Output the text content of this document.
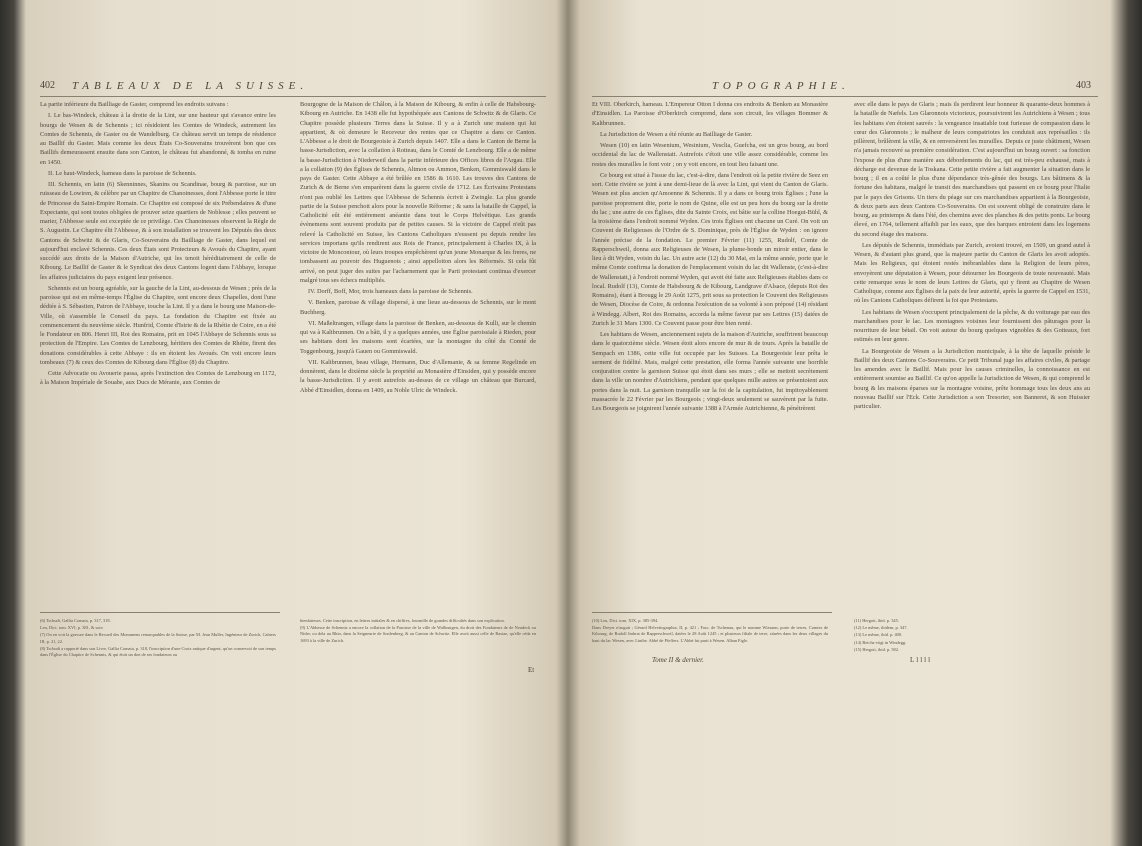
402 TABLEAUX DE LA SUISSE.

La partie inférieure du Bailliage de Gaster, comprend les endroits suivans :

I. Le bas-Windeck, château à la droite de la Lint, sur une hauteur qui s'avance entre les bourgs de Wesen & de Schennis ; ici résidoient les Comtes de Windeck, autrement les Comtes de Schennis, de Gaster ou de Wandelburg. Ce château servit un temps de résidence au Baillif du Gaster. Mais comme les deux États Co-Souverains trouvèrent bon que ces Baillifs demeurassent ensuite dans son Canton, le château fut abandonné, & tomba en ruine en 1450.

II. Le haut-Windeck, hameau dans la paroisse de Schennis.

III. Schennis, en latin (6) Skenninnes, Skanins ou Scandinae, bourg & paroisse, sur un ruisseau de Lowiren, & célèbre par un Chapitre de Chanoinesses, dont l'Abbesse porte le titre de Princesse du Saint-Empire Romain. Ce Chapitre est composé de six Prébendaires & d'une Expectante, qui sont toutes obligées de prouver seize quartiers de Noblesse ; elles peuvent se marier, l'Abbesse seule est exceptée de ce privilège. Ces Chanoinesses observent la Règle de S. Augustin. Le Chapitre élit l'Abbesse, & à son installation se trouvent les Députés des deux Cantons de Schwitz & de Glaris, Co-Souverains du Bailliage de Gaster, dans lequel est aujourd'hui enclavé Schennis. Ces deux États sont Protecteurs & Avoués du Chapitre, ayant succédé aux droits de la Maison d'Autriche, qui les tenoit héréditairement de celle de Kibourg. Le Baillif de Gaster & le Syndicat des deux Cantons logent dans l'Abbaye, lorsque les affaires judiciaires du pays exigent leur présence.

Schennis est un bourg agréable, sur la gauche de la Lint, au-dessous de Wesen ; près de la paroisse qui est en même-temps l'Église du Chapitre, sont encore deux Chapelles, dont l'une dédiée à S. Sébastien, Patron de l'Abbaye, touche la Lint. Il y a dans le bourg une Maison-de-Ville, où s'assemble le Conseil du pays. La fondation du Chapitre est fixée au commencement du neuvième siècle. Hunfrid, Comte d'Istrie & de la Rhétie de Coire, en a été le Fondateur en 806. Henri III, Roi des Romains, prit en 1045 l'Abbaye de Schennis sous sa protection de l'Empire. Les Comtes de Lenzbourg, héritiers des Comtes de Rhétie, firent des donations considérables à cette Abbaye : ils en étoient les Avoués. On voit encore leurs tombeaux (7) & ceux des Comtes de Kibourg dans l'Église (8) du Chapitre.

Cette Advocatie ou Avouerie passa, après l'extinction des Comtes de Lenzbourg en 1172, à la Maison Impériale de Souabe, aux Ducs de Méranie, aux Comtes de

Bourgogne de la Maison de Châlon, à la Maison de Kibourg, & enfin à celle de Habsbourg-Kibourg en Autriche. En 1438 elle fut hypothéquée aux Cantons de Schwitz & de Glaris. Ce Chapitre possède plusieurs Terres dans la Suisse. Il y a à Zurich une maison qui lui appartient, & où demeure le Receveur des rentes que ce Chapitre a dans ce Canton. L'Abbesse a le droit de Bourgeoisie à Zurich depuis 1407. Elle a dans le Canton de Berne la basse-Jurisdiction, avec la collation à Rotteau, dans le Comté de Lenzbourg. Elle a de même la basse-Jurisdiction à Niederweil dans la partie inférieure des Offices libres de l'Argau. Elle a la collation (9) des Églises de Schennis, Altmon ou Ammon, Benken, Gommiswald dans le pays de Gaster. Cette Abbaye a été brûlée en 1586 & 1610. Les trouves des Cantons de Zurich & de Berne s'en emparèrent dans la guerre civile de 1712. Les Écrivains Protestans n'ont pas oublié les Lettres que l'Abbesse de Schennis écrivit à Zwingle. La plus grande partie de la Suisse penchoit alors pour la nouvelle Réforme ; & sans la bataille de Cappel, la Catholicité eût été entièrement anéantie dans tout le Corps Helvétique. Les grands évènemens sont souvent produits par de petites causes. Si la victoire de Cappel n'eût pas relevé la Catholicité en Suisse, les Cantons Catholiques n'eussent pu depuis rendre les services importans qu'ils rendirent aux Rois de France, principalement à Charles IX, à la victoire de Moncontour, où leurs troupes empêchèrent qu'un jeune Monarque & les freres, ne tombassent au pouvoir des Huguenots ; ainsi appelloiton alors les Réformés. Si cela fût arrivé, on peut juger des suites par l'acharnement que le Parti protestant continua d'exercer malgré tous ses échecs multipliés.

IV. Dorff, Boff, Mor, trois hameaux dans la paroisse de Schennis.

V. Benken, paroisse & village dispersé, à une lieue au-dessous de Schennis, sur le mont Buchberg.

VI. Maßeltrangen, village dans la paroisse de Benken, au-dessous de Kulli, sur le chemin qui va à Kaltbrunnen. On a bâti, il y a quelques années, une Église paroissiale à Rieden, pour ses habitans dont les maisons sont écartées, sur la montagne du côté du Comté de Toggenbourg, jusqu'à Gauen ou Gommiswald.

VII. Kaltbrunnen, beau village, Hermann, Duc d'Allemanie, & sa femme Regelinde en donnèrent, dans le dixième siècle la propriété au Monastère d'Einsiden, qui y possède encore la basse-Jurisdiction. Il y avoit autrefois au-dessus de ce village un château que Burcard, Abbé d'Einsidlen, donna en 1409, au Noble Ulric de Windeck.

(6) Tschudi, Gallia Comata, p. 317, 318.

Leu, Dict. tom. XVI, p. 381, & suiv.

(7) On en voit la gravure dans le Recueil des Monumens remarquables de la Suisse, par M. Jean Muller, Ingénieur de Zurich, Cahiers III, p. 21, 22.

(8) Tschudi a rapporté dans son Livre, Gallia Comata, p. 318, l'inscription d'une Croix antique d'argent, qu'on conservoit de son temps dans l'Église du Chapitre de Schennis, & qui étoit un don de ses fondateurs ou

bienfaiteurs. Cette inscription, en lettres initiales & en chiffres, fourmille de grandes difficultés dans son explication.

(9) L'Abbesse de Schennis a encore la collation de la Paroisse de la ville de Wallinstgen, du droit des Fondateurs de de Neudeck ou Nider, ou dela au Rhin, dans la Seigneurie de Sonlenberg, & au Canton de Schwitz. Elle avoit aussi celle de Rastaz, qu'elle céda en 1693 à la ville de Zurich.

Et
TOPOGRAPHIE.	403

Et VIII. Oberkirch, hameau. L'Empereur Otton I donna ces endroits & Benken au Monastère d'Einsidlen. La Paroisse d'Oberkirch comprend, dans son circuit, les villages Bommer & Kaltbrunnen.

La Jurisdiction de Wesen a été réunie au Bailliage de Gaster.

Wesen (10) en latin Wesenium, Wesinium, Vesclia, Guefcha, est un gros bourg, au bord occidental du lac de Wallenstatt. Autrefois c'étoit une ville assez considérable, comme les restes des murailles le font voir ; on y voit encore, en tout lieu faisant une.

Ce bourg est situé à l'issue du lac, c'est-à-dire, dans l'endroit où la petite rivière de Seez en sort. Cette rivière se joint à une demi-lieue de là avec la Lint, qui vient du Canton de Glaris. Wesen est plus ancien qu'Amoenne & Schennis. Il y a dans ce bourg trois Églises ; l'une la paroisse proprement dite, porte le nom de Quine, elle est un peu hors du bourg sur la droite du lac ; une autre de ces Églises, dite du Sainte Croix, est bâtie sur la colline Hoegut-Bühl, & la troisième dans l'endroit nommé Wyden. Ces trois Églises ont chacune un Curé. On voit un Couvent de Religieuses de l'Ordre de S. Dominique, près de l'Église de Wyden : on ignore l'année précise de la fondation. Le premier Février (11) 1255, Rudolf, Comte de Rapperschweil, donna aux Religieuses de Wesen, la plume-bonde un miroir entier, dans le lieu à dit Wyden, voisin du lac. Un autre acte (12) du 30 Mai, en la même année, porte que le même Comte confirma la donation de l'emplacement voisin du lac dit Wallenste, (c'est-à-dire de Wallenstatt,) à l'endroit nommé Wyden, qui avoit été faite aux Religieuses établies dans ce local. Rudolf (13), Comte de Habsbourg & de Kibourg, Landgrave d'Alsace, (depuis Roi des Romains), étant à Brougg le 29 Août 1275, prit sous sa protection le Couvent des Religieuses de Wesen, Diocèse de Coire, & ordonna l'exécution de sa volonté à son préposé (14) résidant à Windegg. Albert, Roi des Romains, accorda la même faveur par ses Lettres (15) datées de Zurich le 31 Mars 1300. Ce Couvent passe pour être bien renté.

Les habitans de Wesen, anciennement sujets de la maison d'Autriche, souffrirent beaucoup dans le quatorzième siècle. Wesen étoit alors encore de mur & de tours. Après la bataille de Sempach en 1386, cette ville fut occupée par les Suisses. La Bourgeoisie leur prêta le serment de fidélité. Mais, malgré cette prestation, elle forma l'année suivante une horrible conjuration contre la garnison Suisse qui étoit dans ses murs ; elle se mettoit secrètement dans la ville un nombre d'Autrichiens, pendant que quelques mille autres se présentoient aux portes dans la nuit. La garnison tranquille sur la foi de la capitulation, fut impitoyablement massacrée le 22 Février par les Bourgeois ; vingt-deux seulement se sauvèrent par la fuite. Les Bourgeois se joignirent l'année suivante 1388 à l'Armée Autrichienne, & pénétrèrent

avec elle dans le pays de Glaris ; mais ils perdirent leur honneur & quarante-deux hommes à la bataille de Næfels. Les Glaronnois victorieux, poursuivirent les Autrichiens à Wesen ; tous les habitans s'en étoient sauvés : la vengeance insatiable tout furieuse de compassion dans le cœur des Glaronnois ; le malheur de leurs compatriotes les conduisit aux représailles : ils pillèrent, brûlèrent la ville, & en renversèrent les murailles. Depuis ce juste châtiment, Wesen n'a jamais recouvré sa première considération. C'est aujourd'hui un bourg ouvert : sa fonction l'expose de plus d'une manière aux débordements du lac, qui est très-peu exhaussé, mais à décharge est devenue de la Toskana. Cette petite rivière a fait augmenter la situation dans le bourg ; il en a coûté le plus d'une dépendance très-gênée des bourgs. Les bâtimens & la fortune des habitans, malgré le transit des marchandises qui passent en ce bourg pour l'Italie par le pays des Grisons. Un tiers du péage sur ces marchandises appartient à la Bourgeoisie, & deux parts aux deux Cantons Co-Souverains. On est souvent obligé de construire dans le bourg, au printemps & dans l'été, des chemins avec des planches & des petits ponts. Le bourg élevé, en 1764, tellement affaibli par les eaux, que des barques entroient dans les logemens du second étage des maisons.

Les députés de Schennis, immédiats par Zurich, avoient trouvé, en 1509, un grand autel à Wesen, & d'autant plus grand, que la majeure partie du Canton de Glaris les avoit adoptés. Mais les Religieux, qui étoient restés inébranlables dans la Religion de leurs pères, envoyèrent une députation à Wesen, pour détourner les Bourgeois de toute nouveauté. Mais cette remarque sous le nom de leurs Lettres de Glaris, qui y firent au Chapitre de Wesen Catholique, comme aux Églises de la paix de leur autorité, après la guerre de Cappel en 1531, où les Cantons Catholiques défirent la foi que Protestans.

Les habitans de Wesen s'occupent principalement de la pêche, & du voiturage par eau des marchandises pour le lac. Les montagnes voisines leur fournissent des pâturages pour la nourriture de leur bétail. On voit autour du bourg quelques vignobles & des Gotteaux, fort estimés en leur genre.

La Bourgeoisie de Wesen a la Jurisdiction municipale, à la tête de laquelle préside le Baillif des deux Cantons Co-Souverains. Ce petit Tribunal juge les affaires civiles, & partage les amendes avec le Baillif. Mais pour les causes criminelles, la connoissance en est entièrement soumise au Baillif. Ce qu'on appelle la Jurisdiction de Wesen, & qui comprend le bourg & les maisons éparses sur la montagne voisine, prête hommage tous les deux ans au nouveau Baillif sur l'Eck. Cette Jurisdiction a son Tresorier, son Banneret, & son Huissier particulier.

(10) Leu, Dict. tom. XIX, p. 385-394.

Dans Dreyer n'auguit ; Gérard Helvetiographia, II, p. 421 ; Fasc. de Tschenau, qui le nomme Wiesann, porte de terres, Comtes de Kibourg, de Rudolf Imbrat de Rapperschweil, datées le 28 Août 1245 ; et plusieurs filiale de terre, situées dans les deux villages du haut du lac Wesen, avec Linthe. Abbé de Pfeffers. L'Abbé fut parti à Wesen. Alban Figle.

(11) Hergott, ibid. p. 345.

(12) Le même, ibidem, p. 347.

(13) Le même, ibid. p. 400.

(14) Reichs-vögt in Windegg.

(15) Hergott, ibid. p. 582.

Tome II & dernier.	Lllll
